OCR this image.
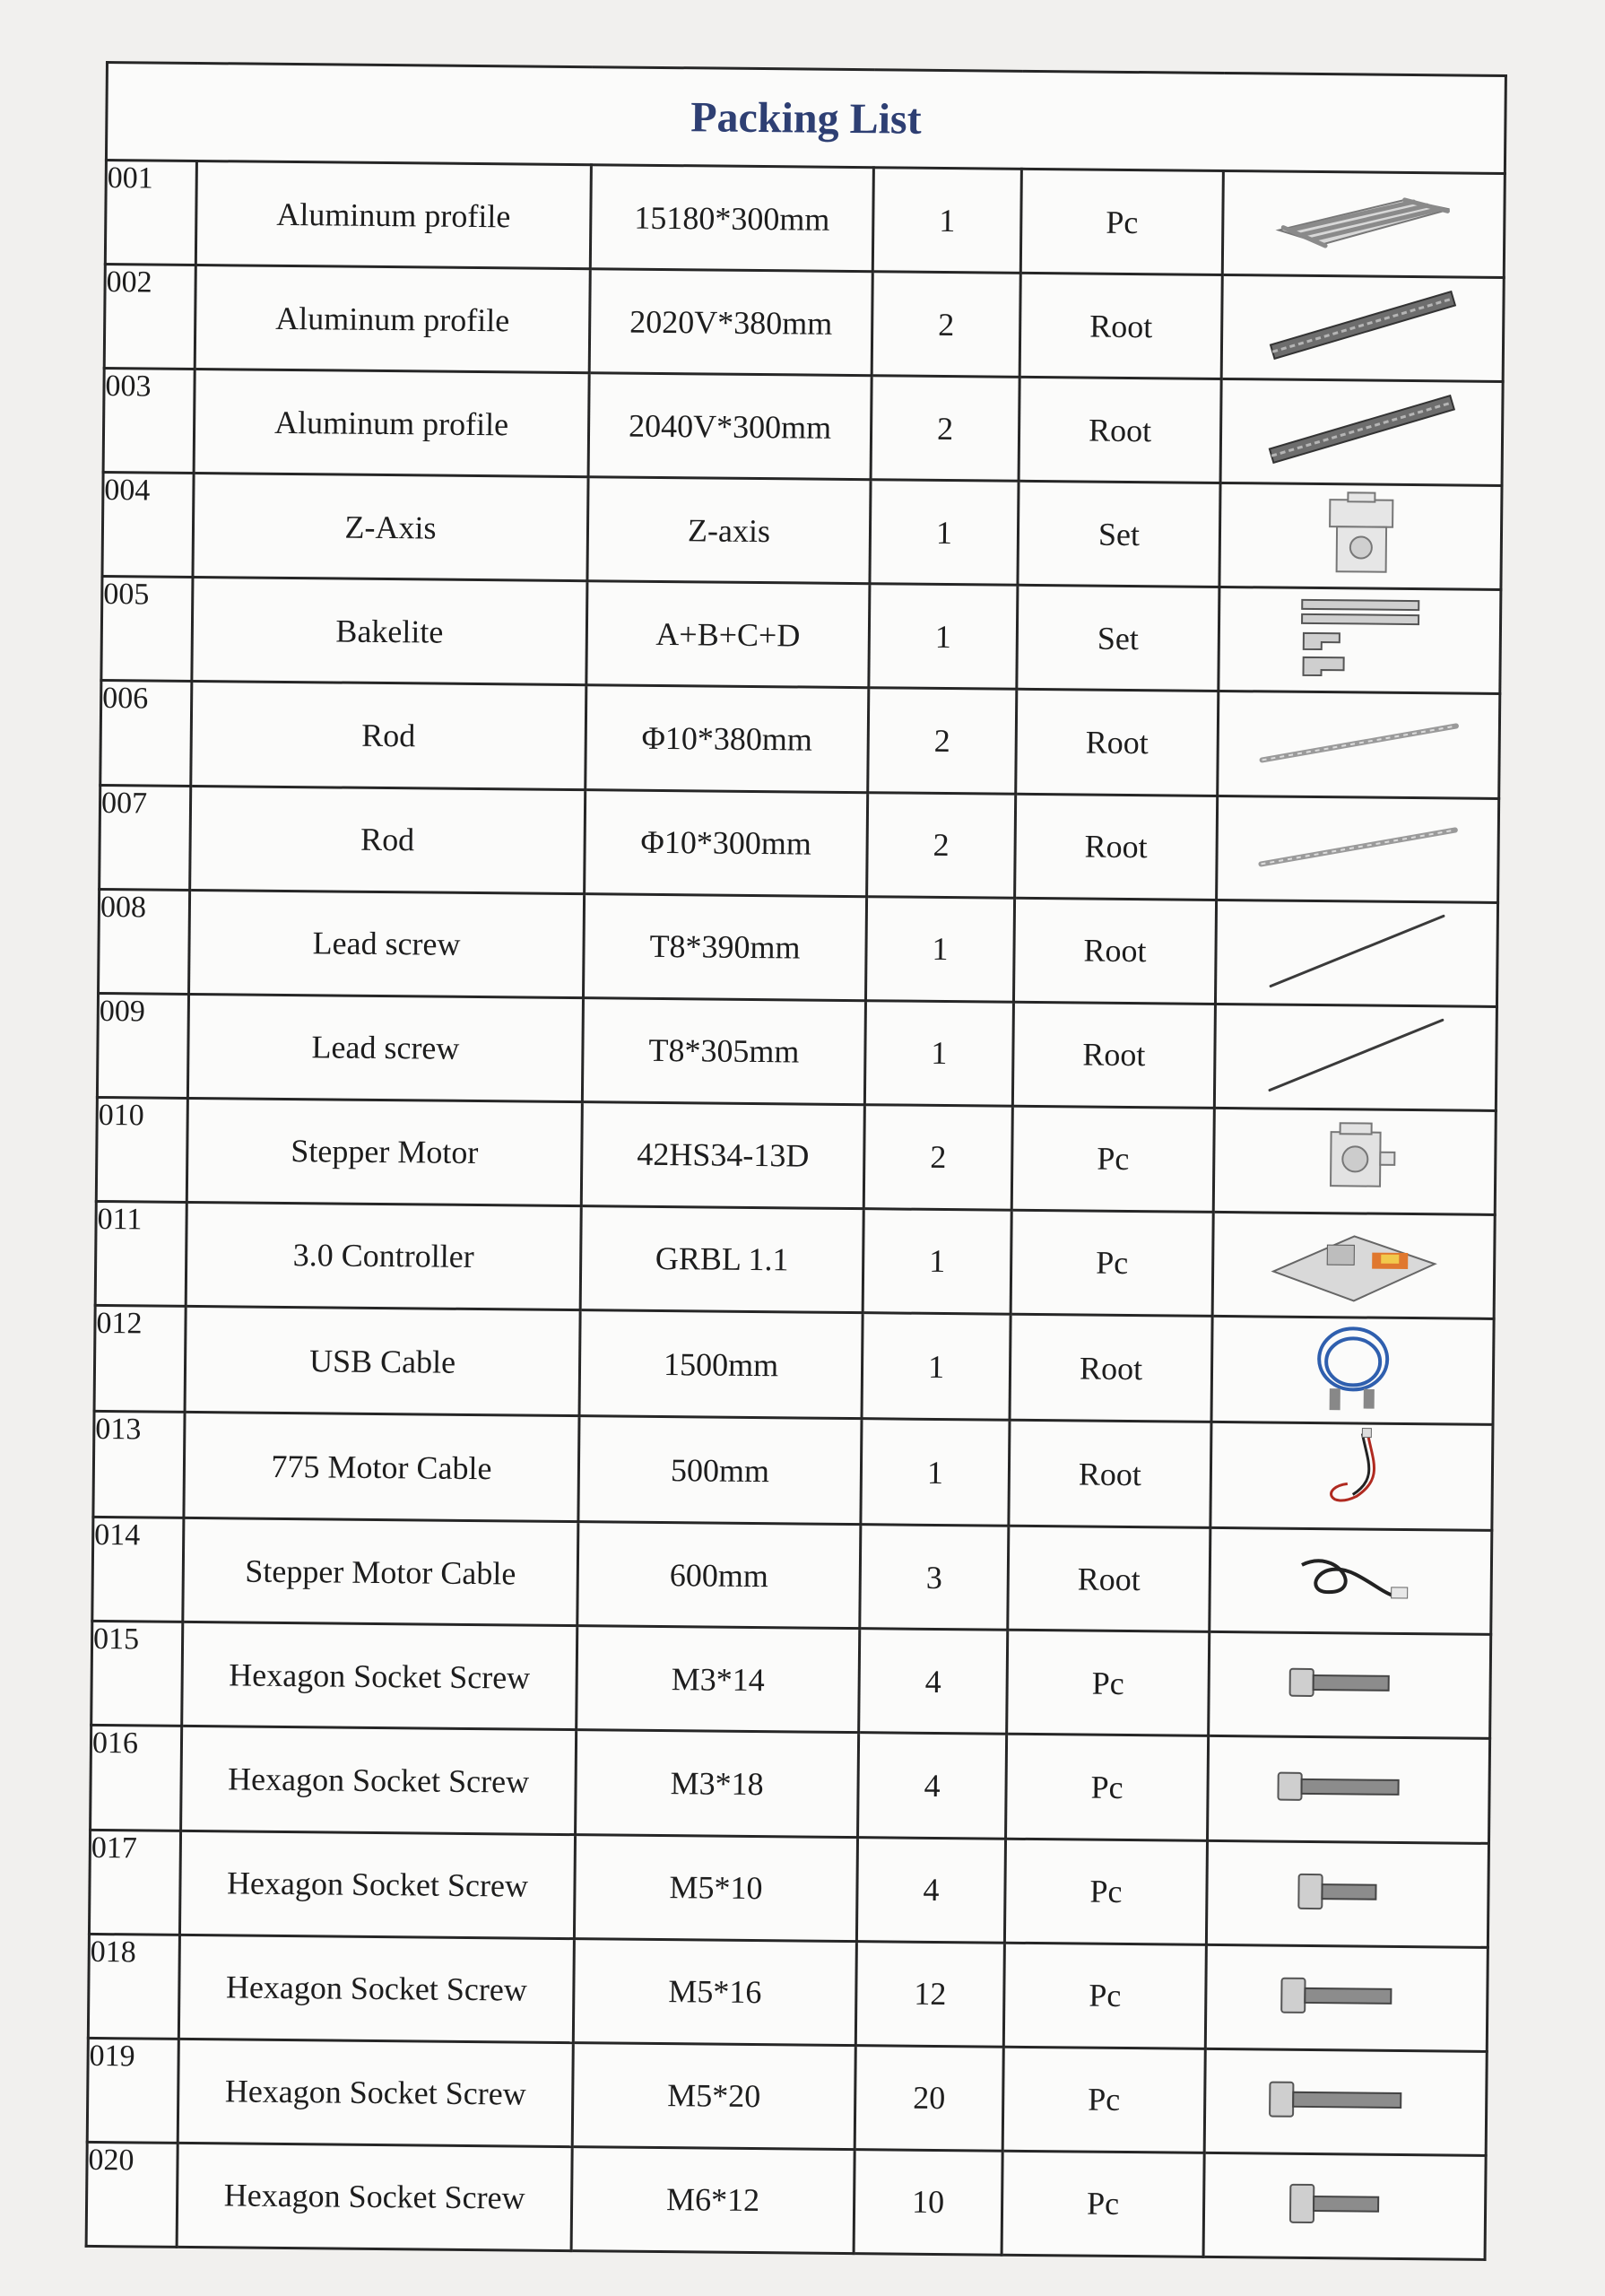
Packing List					
001	Aluminum profile	15180*300mm	1	Pc	

002	Aluminum profile	2020V*380mm	2	Root	

003	Aluminum profile	2040V*300mm	2	Root	

004	Z-Axis	Z-axis	1	Set	

005	Bakelite	A+B+C+D	1	Set	

006	Rod	Φ10*380mm	2	Root	

007	Rod	Φ10*300mm	2	Root	

008	Lead screw	T8*390mm	1	Root	

009	Lead screw	T8*305mm	1	Root	

010	Stepper Motor	42HS34-13D	2	Pc	

011	3.0 Controller	GRBL 1.1	1	Pc	

012	USB Cable	1500mm	1	Root	

013	775 Motor Cable	500mm	1	Root	

014	Stepper Motor Cable	600mm	3	Root	

015	Hexagon Socket Screw	M3*14	4	Pc	

016	Hexagon Socket Screw	M3*18	4	Pc	

017	Hexagon Socket Screw	M5*10	4	Pc	

018	Hexagon Socket Screw	M5*16	12	Pc	

019	Hexagon Socket Screw	M5*20	20	Pc	

020	Hexagon Socket Screw	M6*12	10	Pc	
